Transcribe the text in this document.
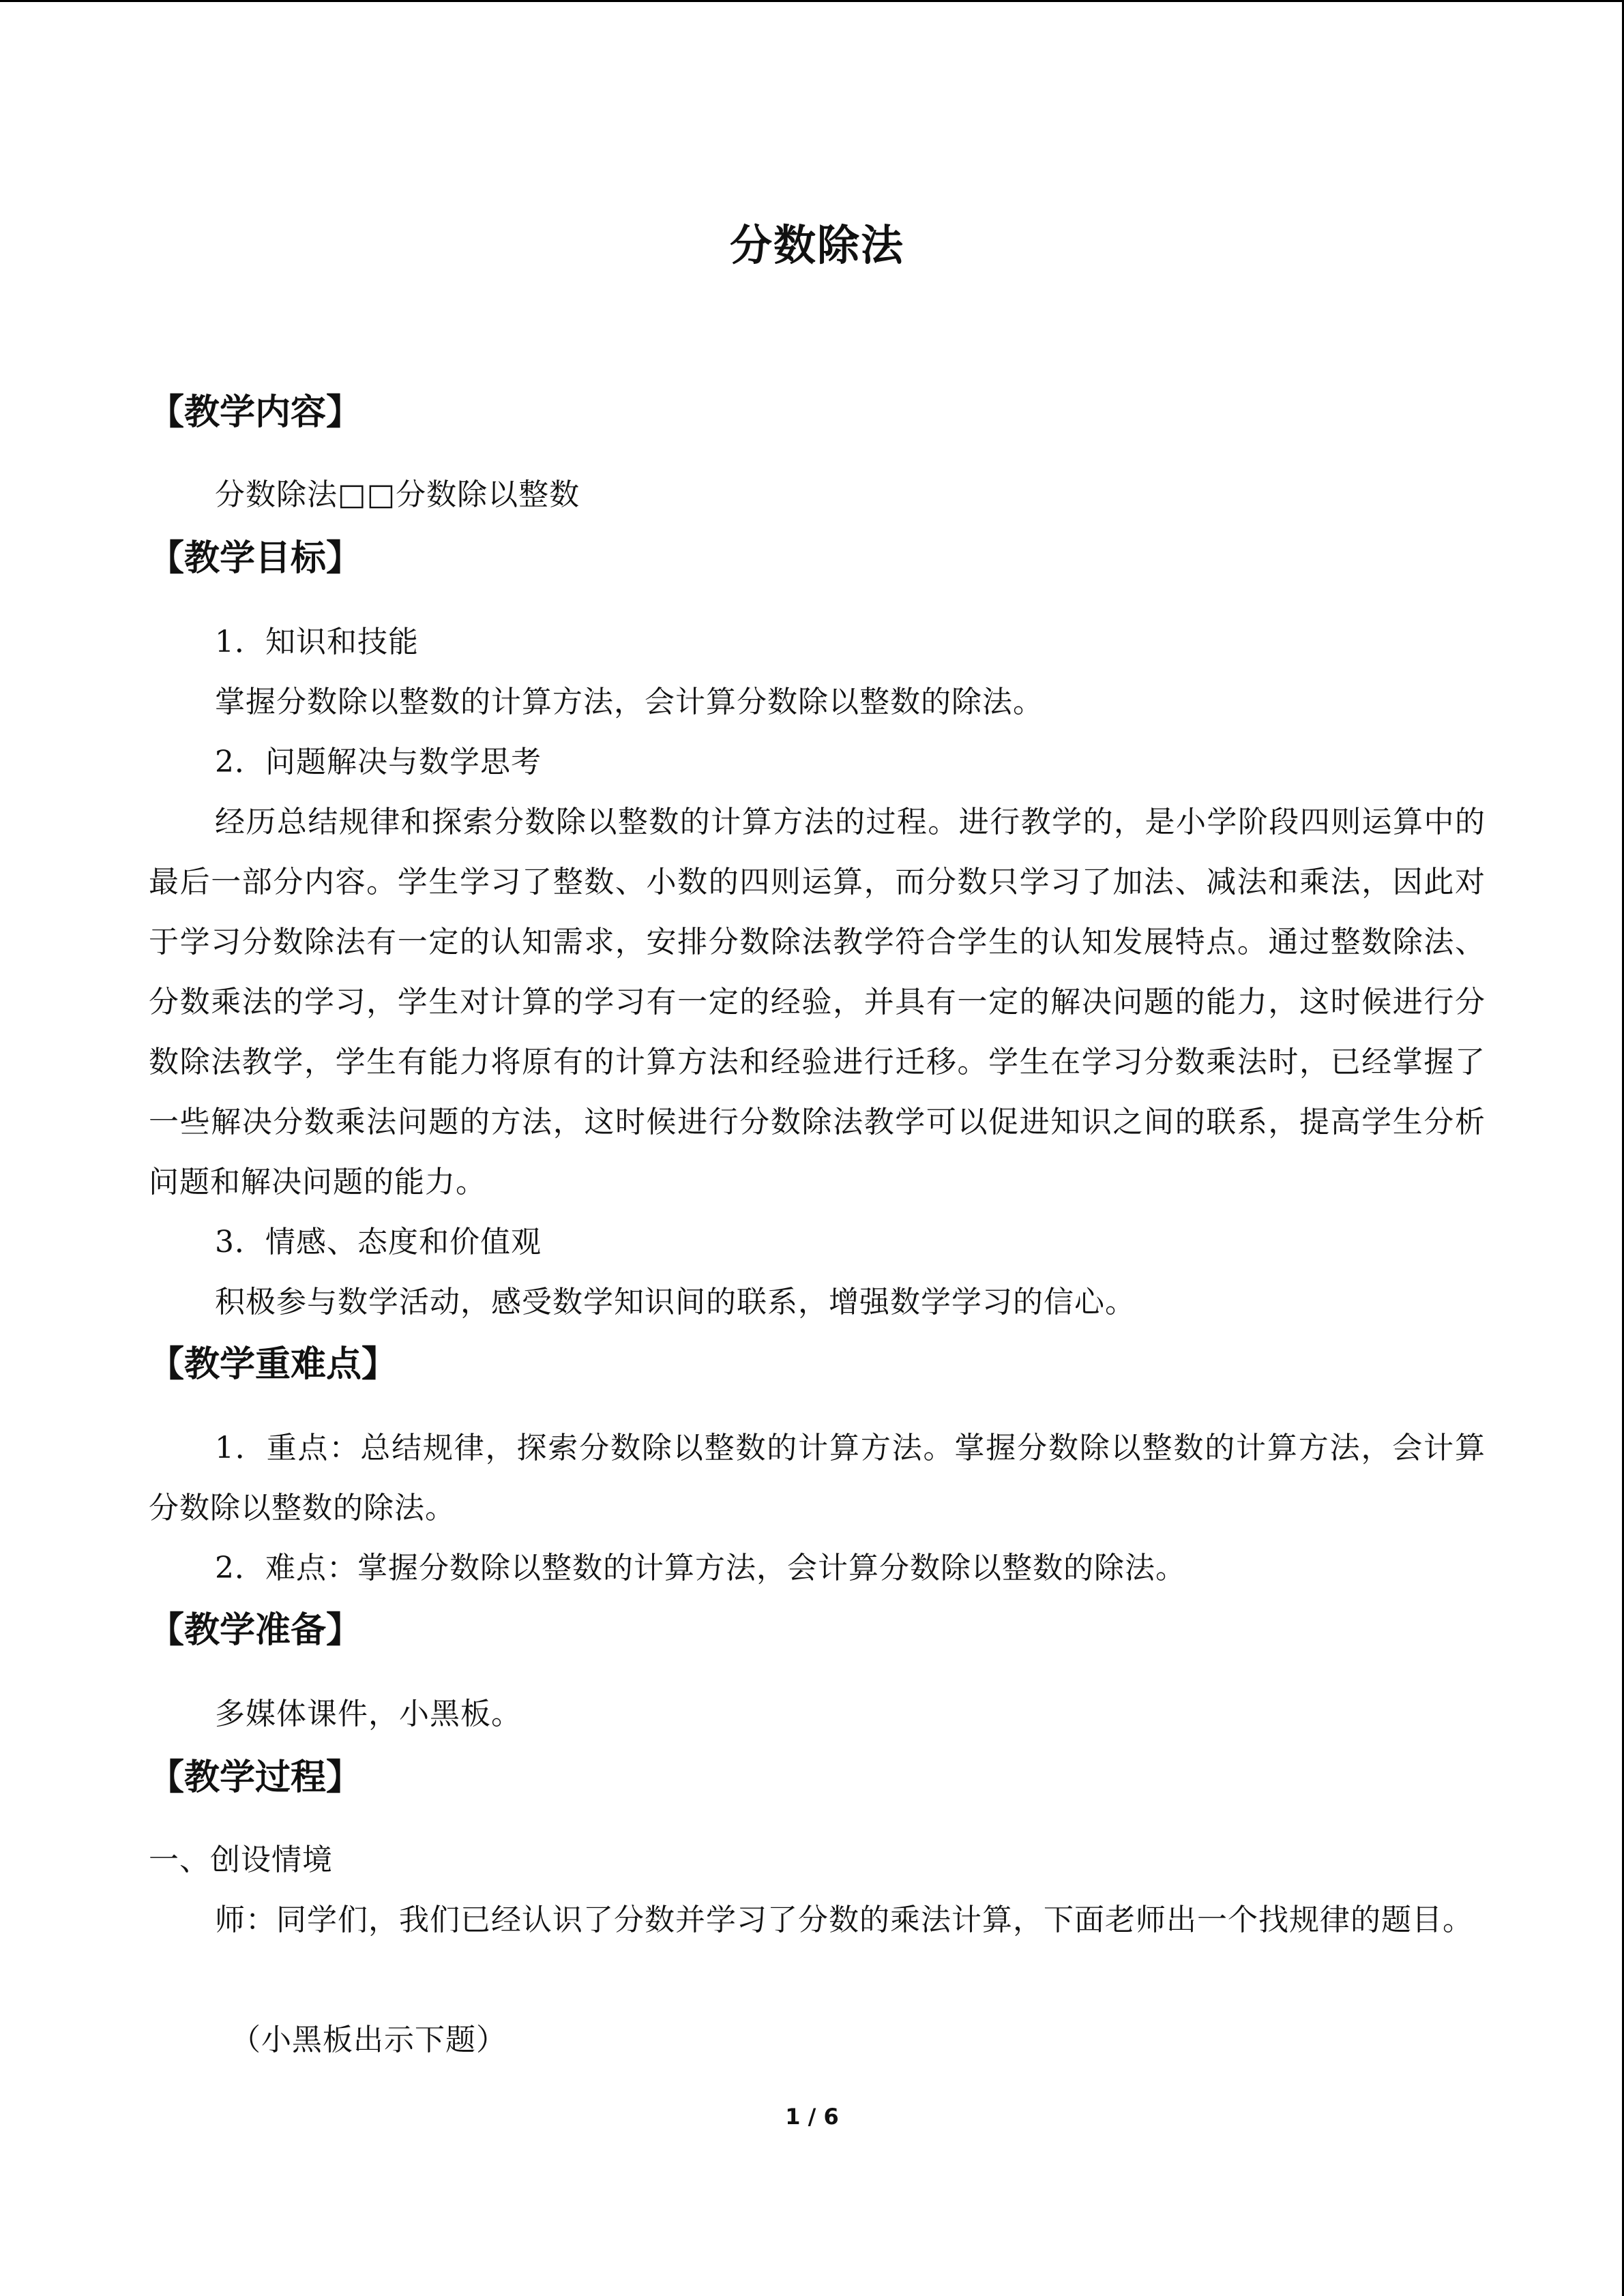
分数除法
【教学内容】
分数除法□□分数除以整数
【教学目标】
1．知识和技能
掌握分数除以整数的计算方法，会计算分数除以整数的除法。
2．问题解决与数学思考
经历总结规律和探索分数除以整数的计算方法的过程。进行教学的，是小学阶段四则运算中的最后一部分内容。学生学习了整数、小数的四则运算，而分数只学习了加法、减法和乘法，因此对于学习分数除法有一定的认知需求，安排分数除法教学符合学生的认知发展特点。通过整数除法、分数乘法的学习，学生对计算的学习有一定的经验，并具有一定的解决问题的能力，这时候进行分数除法教学，学生有能力将原有的计算方法和经验进行迁移。学生在学习分数乘法时，已经掌握了一些解决分数乘法问题的方法，这时候进行分数除法教学可以促进知识之间的联系，提高学生分析问题和解决问题的能力。
3．情感、态度和价值观
积极参与数学活动，感受数学知识间的联系，增强数学学习的信心。
【教学重难点】
1．重点：总结规律，探索分数除以整数的计算方法。掌握分数除以整数的计算方法，会计算分数除以整数的除法。
2．难点：掌握分数除以整数的计算方法，会计算分数除以整数的除法。
【教学准备】
多媒体课件，小黑板。
【教学过程】
一、创设情境
师：同学们，我们已经认识了分数并学习了分数的乘法计算，下面老师出一个找规律的题目。
（小黑板出示下题）
1 / 6
